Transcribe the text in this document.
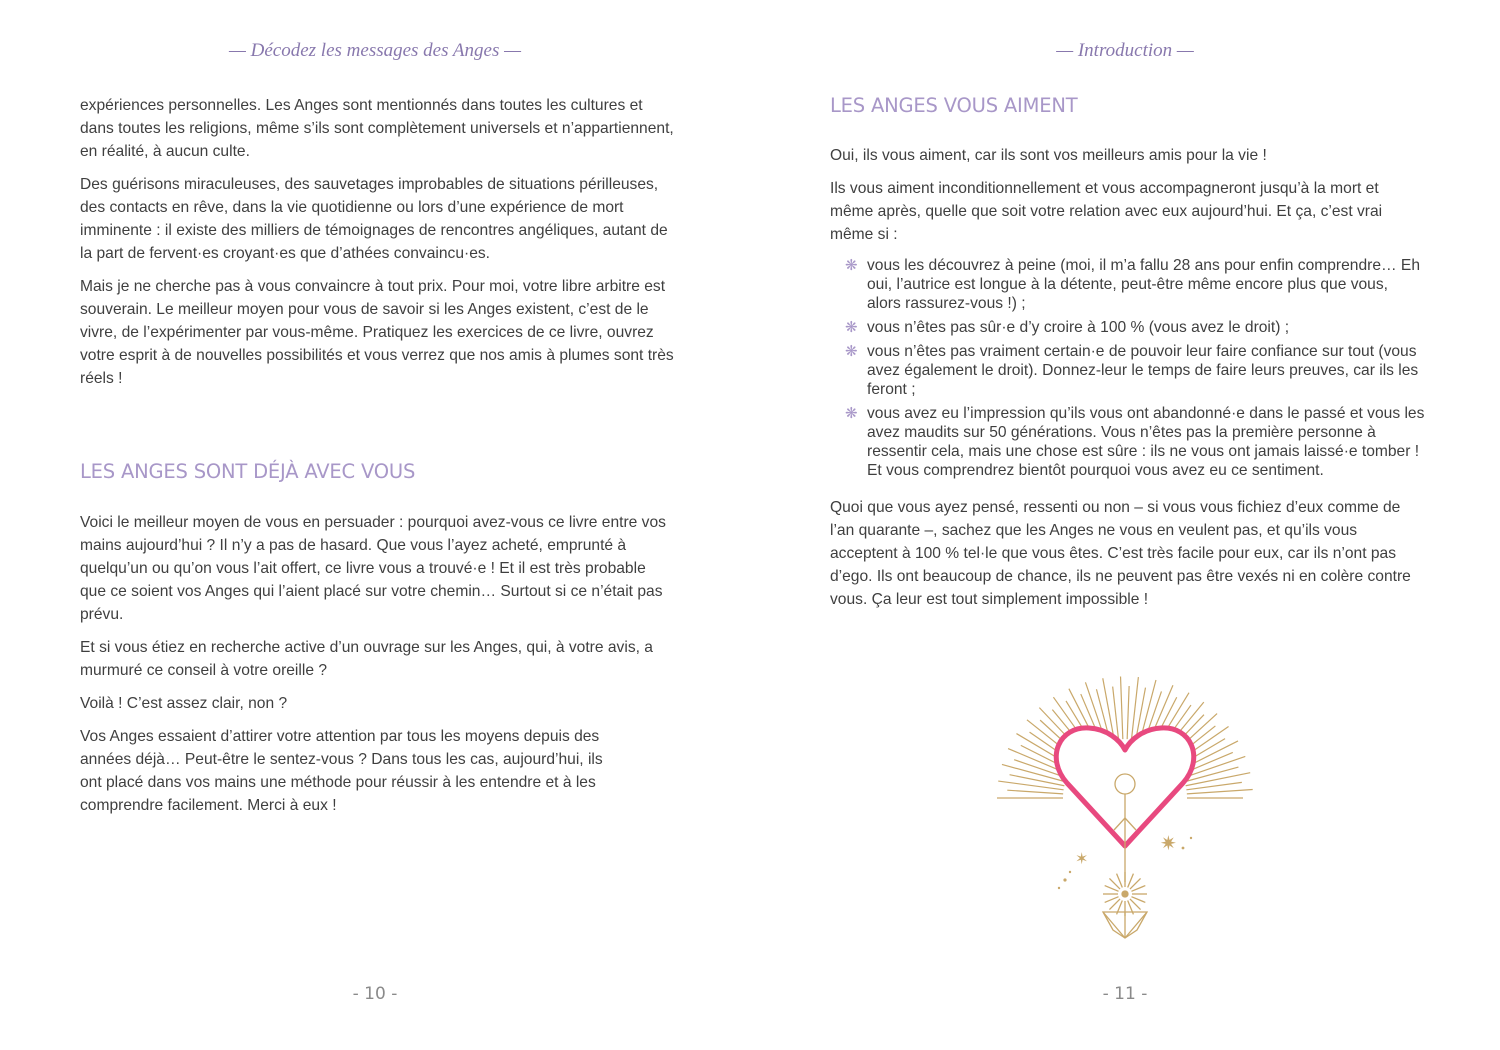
— Décodez les messages des Anges —

expériences personnelles. Les Anges sont mentionnés dans toutes les cultures et dans toutes les religions, même s’ils sont complètement universels et n’appartiennent, en réalité, à aucun culte.

Des guérisons miraculeuses, des sauvetages improbables de situations périlleuses, des contacts en rêve, dans la vie quotidienne ou lors d’une expérience de mort imminente : il existe des milliers de témoignages de rencontres angéliques, autant de la part de fervent·es croyant·es que d’athées convaincu·es.

Mais je ne cherche pas à vous convaincre à tout prix. Pour moi, votre libre arbitre est souverain. Le meilleur moyen pour vous de savoir si les Anges existent, c’est de le vivre, de l’expérimenter par vous-même. Pratiquez les exercices de ce livre, ouvrez votre esprit à de nouvelles possibilités et vous verrez que nos amis à plumes sont très réels !

LES ANGES SONT DÉJÀ AVEC VOUS

Voici le meilleur moyen de vous en persuader : pourquoi avez-vous ce livre entre vos mains aujourd’hui ? Il n’y a pas de hasard. Que vous l’ayez acheté, emprunté à quelqu’un ou qu’on vous l’ait offert, ce livre vous a trouvé·e ! Et il est très probable que ce soient vos Anges qui l’aient placé sur votre chemin… Surtout si ce n’était pas prévu.

Et si vous étiez en recherche active d’un ouvrage sur les Anges, qui, à votre avis, a murmuré ce conseil à votre oreille ?

Voilà ! C’est assez clair, non ?

Vos Anges essaient d’attirer votre attention par tous les moyens depuis des années déjà… Peut-être le sentez-vous ? Dans tous les cas, aujourd’hui, ils ont placé dans vos mains une méthode pour réussir à les entendre et à les comprendre facilement. Merci à eux !

- 10 -
— Introduction —
LES ANGES VOUS AIMENT

Oui, ils vous aiment, car ils sont vos meilleurs amis pour la vie !

Ils vous aiment inconditionnellement et vous accompagneront jusqu’à la mort et même après, quelle que soit votre relation avec eux aujourd’hui. Et ça, c’est vrai même si :

❋ vous les découvrez à peine (moi, il m’a fallu 28 ans pour enfin comprendre… Eh oui, l’autrice est longue à la détente, peut-être même encore plus que vous, alors rassurez-vous !) ;
❋ vous n’êtes pas sûr·e d’y croire à 100 % (vous avez le droit) ;
❋ vous n’êtes pas vraiment certain·e de pouvoir leur faire confiance sur tout (vous avez également le droit). Donnez-leur le temps de faire leurs preuves, car ils les feront ;
❋ vous avez eu l’impression qu’ils vous ont abandonné·e dans le passé et vous les avez maudits sur 50 générations. Vous n’êtes pas la première personne à ressentir cela, mais une chose est sûre : ils ne vous ont jamais laissé·e tomber ! Et vous comprendrez bientôt pourquoi vous avez eu ce sentiment.

Quoi que vous ayez pensé, ressenti ou non – si vous vous fichiez d’eux comme de l’an quarante –, sachez que les Anges ne vous en veulent pas, et qu’ils vous acceptent à 100 % tel·le que vous êtes. C’est très facile pour eux, car ils n’ont pas d’ego. Ils ont beaucoup de chance, ils ne peuvent pas être vexés ni en colère contre vous. Ça leur est tout simplement impossible !

- 11 -
✶
✷
